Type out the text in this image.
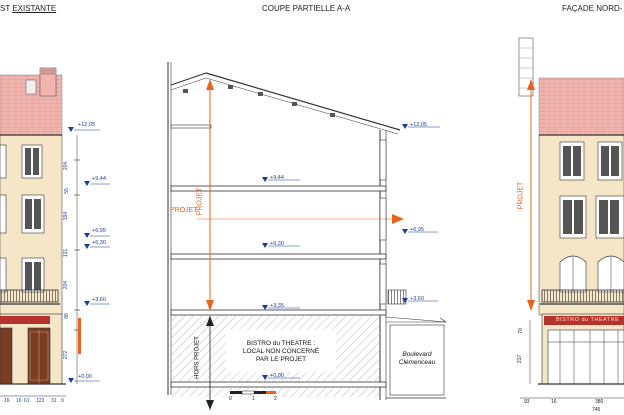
ST EXISTANTE	COUPE PARTIELLE A-A	FAÇADE NORD-
+12,05
+9,44
+6,95
+6,30
+3,60
+0,00
204
55
194
131
204
88
272
16 16 61 123 31 9
+12,05
+9,44
+6,95
+6,30
+3,60
+3,35
+0,00
PROJET
PROJET	PROJET
HORS PROJET	BISTRO du THEATRE :
LOCAL NON CONCERNÉ
PAR LE PROJET
Boulevard
Clémenceau
0	1	2
BISTRO du THEATRE
70
217
93	16	380
745
